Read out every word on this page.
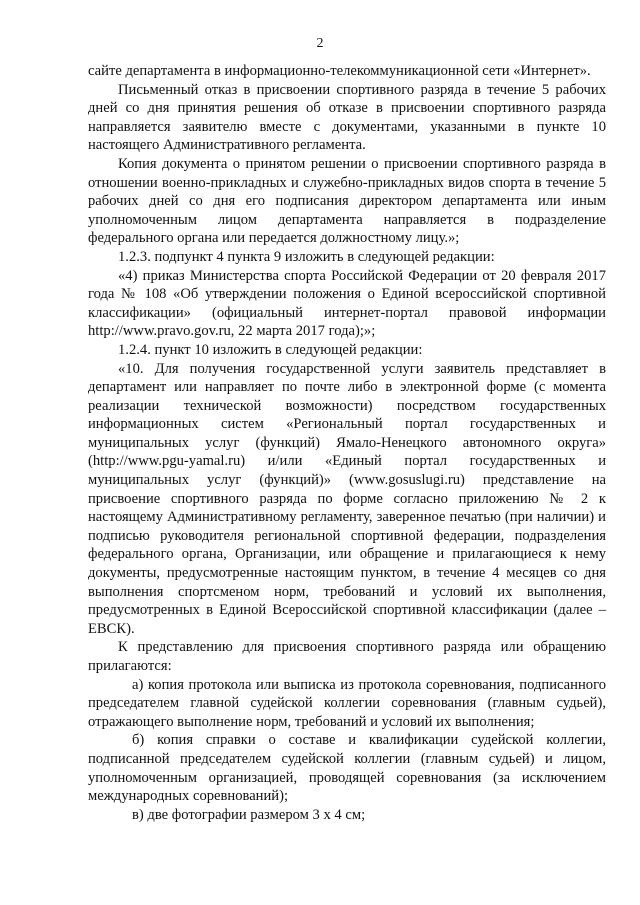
2

сайте департамента в информационно-телекоммуникационной сети «Интернет».

Письменный отказ в присвоении спортивного разряда в течение 5 рабочих дней со дня принятия решения об отказе в присвоении спортивного разряда направляется заявителю вместе с документами, указанными в пункте 10 настоящего Административного регламента.

Копия документа о принятом решении о присвоении спортивного разряда в отношении военно-прикладных и служебно-прикладных видов спорта в течение 5 рабочих дней со дня его подписания директором департамента или иным уполномоченным лицом департамента направляется в подразделение федерального органа или передается должностному лицу.»;

1.2.3. подпункт 4 пункта 9 изложить в следующей редакции:

«4) приказ Министерства спорта Российской Федерации от 20 февраля 2017 года № 108 «Об утверждении положения о Единой всероссийской спортивной классификации» (официальный интернет-портал правовой информации http://www.pravo.gov.ru, 22 марта 2017 года);»;

1.2.4. пункт 10 изложить в следующей редакции:

«10. Для получения государственной услуги заявитель представляет в департамент или направляет по почте либо в электронной форме (с момента реализации технической возможности) посредством государственных информационных систем «Региональный портал государственных и муниципальных услуг (функций) Ямало-Ненецкого автономного округа» (http://www.pgu-yamal.ru) и/или «Единый портал государственных и муниципальных услуг (функций)» (www.gosuslugi.ru) представление на присвоение спортивного разряда по форме согласно приложению № 2 к настоящему Административному регламенту, заверенное печатью (при наличии) и подписью руководителя региональной спортивной федерации, подразделения федерального органа, Организации, или обращение и прилагающиеся к нему документы, предусмотренные настоящим пунктом, в течение 4 месяцев со дня выполнения спортсменом норм, требований и условий их выполнения, предусмотренных в Единой Всероссийской спортивной классификации (далее – ЕВСК).

К представлению для присвоения спортивного разряда или обращению прилагаются:

а) копия протокола или выписка из протокола соревнования, подписанного председателем главной судейской коллегии соревнования (главным судьей), отражающего выполнение норм, требований и условий их выполнения;

б) копия справки о составе и квалификации судейской коллегии, подписанной председателем судейской коллегии (главным судьей) и лицом, уполномоченным организацией, проводящей соревнования (за исключением международных соревнований);

в) две фотографии размером 3 х 4 см;
